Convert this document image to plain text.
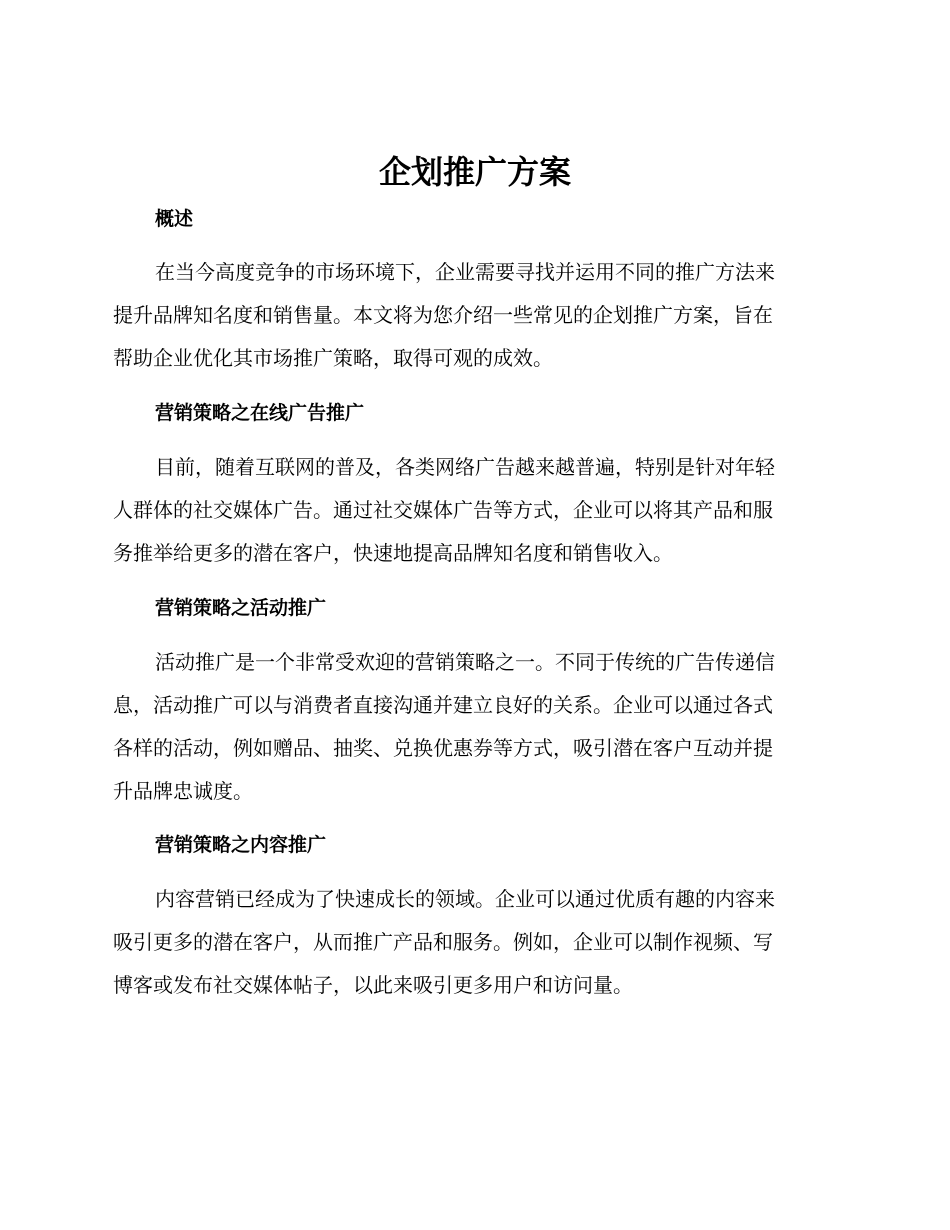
企划推广方案
概述

在当今高度竞争的市场环境下，企业需要寻找并运用不同的推广方法来
提升品牌知名度和销售量。本文将为您介绍一些常见的企划推广方案，旨在
帮助企业优化其市场推广策略，取得可观的成效。

营销策略之在线广告推广

目前，随着互联网的普及，各类网络广告越来越普遍，特别是针对年轻
人群体的社交媒体广告。通过社交媒体广告等方式，企业可以将其产品和服
务推举给更多的潜在客户，快速地提高品牌知名度和销售收入。

营销策略之活动推广

活动推广是一个非常受欢迎的营销策略之一。不同于传统的广告传递信
息，活动推广可以与消费者直接沟通并建立良好的关系。企业可以通过各式
各样的活动，例如赠品、抽奖、兑换优惠券等方式，吸引潜在客户互动并提
升品牌忠诚度。

营销策略之内容推广

内容营销已经成为了快速成长的领域。企业可以通过优质有趣的内容来
吸引更多的潜在客户，从而推广产品和服务。例如，企业可以制作视频、写
博客或发布社交媒体帖子，以此来吸引更多用户和访问量。
